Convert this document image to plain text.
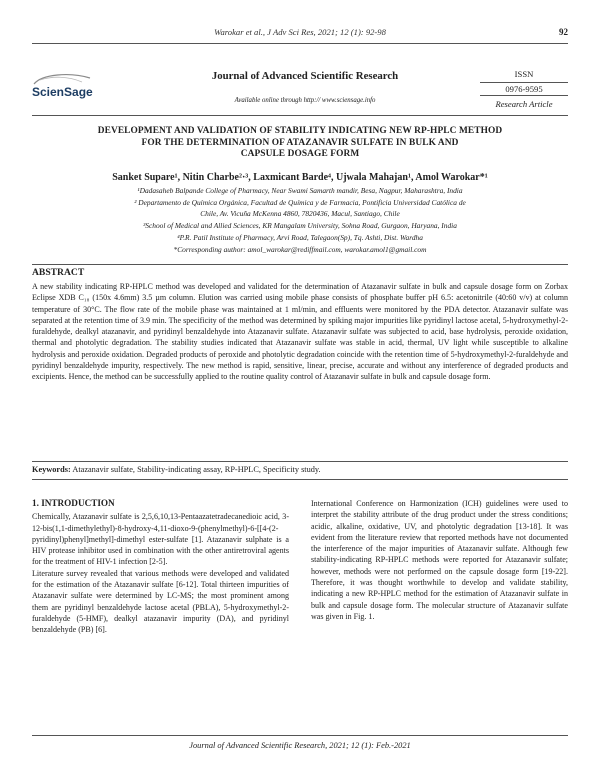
Warokar et al., J Adv Sci Res, 2021; 12 (1): 92-98	92
ScienSage
Journal of Advanced Scientific Research
Available online through http:// www.sciensage.info
ISSN
0976-9595
Research Article
DEVELOPMENT AND VALIDATION OF STABILITY INDICATING NEW RP-HPLC METHOD
FOR THE DETERMINATION OF ATAZANAVIR SULFATE IN BULK AND
CAPSULE DOSAGE FORM
Sanket Supare¹, Nitin Charbe²·³, Laxmicant Barde⁴, Ujwala Mahajan¹, Amol Warokar*¹
¹Dadasaheb Balpande College of Pharmacy, Near Swami Samarth mandir, Besa, Nagpur, Maharashtra, India
² Departamento de Química Orgánica, Facultad de Química y de Farmacia, Pontificia Universidad Católica de
Chile, Av. Vicuña McKenna 4860, 7820436, Macul, Santiago, Chile
³School of Medical and Allied Sciences, KR Mangalam University, Sohna Road, Gurgaon, Haryana, India
⁴P.R. Patil Institute of Pharmacy, Arvi Road, Talegaon(Sp), Tq. Ashti, Dist. Wardha
*Corresponding author: amol_warokar@rediffmail.com, warokar.amol1@gmail.com
ABSTRACT
A new stability indicating RP-HPLC method was developed and validated for the determination of Atazanavir sulfate in bulk and capsule dosage form on Zorbax Eclipse XDB C₁₈ (150x 4.6mm) 3.5 µm column. Elution was carried using mobile phase consists of phosphate buffer pH 6.5: acetonitrile (40:60 v/v) at column temperature of 30°C. The flow rate of the mobile phase was maintained at 1 ml/min, and effluents were monitored by the PDA detector. Atazanavir sulfate was separated at the retention time of 3.9 min. The specificity of the method was determined by spiking major impurities like pyridinyl lactose acetal, 5-hydroxymethyl-2-furaldehyde, dealkyl atazanavir, and pyridinyl benzaldehyde into Atazanavir sulfate. Atazanavir sulfate was subjected to acid, base hydrolysis, peroxide oxidation, thermal and photolytic degradation. The stability studies indicated that Atazanavir sulfate was stable in acid, thermal, UV light while susceptible to alkaline hydrolysis and peroxide oxidation. Degraded products of peroxide and photolytic degradation coincide with the retention time of 5-hydroxymethyl-2-furaldehyde and pyridinyl benzaldehyde impurity, respectively. The new method is rapid, sensitive, linear, precise, accurate and without any interference of degraded products and excipients. Hence, the method can be successfully applied to the routine quality control of Atazanavir sulfate in bulk and capsule dosage form.
Keywords: Atazanavir sulfate, Stability-indicating assay, RP-HPLC, Specificity study.

1. INTRODUCTION

Chemically, Atazanavir sulfate is 2,5,6,10,13-Pentaazatetradecanedioic acid, 3-12-bis(1,1-dimethylethyl)-8-hydroxy-4,11-dioxo-9-(phenylmethyl)-6-[[4-(2-pyridinyl)phenyl]methyl]-dimethyl ester-sulfate [1]. Atazanavir sulphate is a HIV protease inhibitor used in combination with the other antiretroviral agents for the treatment of HIV-1 infection [2-5].

Literature survey revealed that various methods were developed and validated for the estimation of the Atazanavir sulfate [6-12]. Total thirteen impurities of Atazanavir sulfate were determined by LC-MS; the most prominent among them are pyridinyl benzaldehyde lactose acetal (PBLA), 5-hydroxymethyl-2-furaldehyde (5-HMF), dealkyl atazanavir impurity (DA), and pyridinyl benzaldehyde (PB) [6].

International Conference on Harmonization (ICH) guidelines were used to interpret the stability attribute of the drug product under the stress conditions; acidic, alkaline, oxidative, UV, and photolytic degradation [13-18]. It was evident from the literature review that reported methods have not documented the interference of the major impurities of Atazanavir sulfate. Although few stability-indicating RP-HPLC methods were reported for Atazanavir sulfate; however, methods were not performed on the capsule dosage form [19-22]. Therefore, it was thought worthwhile to develop and validate stability, indicating a new RP-HPLC method for the estimation of Atazanavir sulfate in bulk and capsule dosage form. The molecular structure of Atazanavir sulfate was given in Fig. 1.

Journal of Advanced Scientific Research, 2021; 12 (1): Feb.-2021
